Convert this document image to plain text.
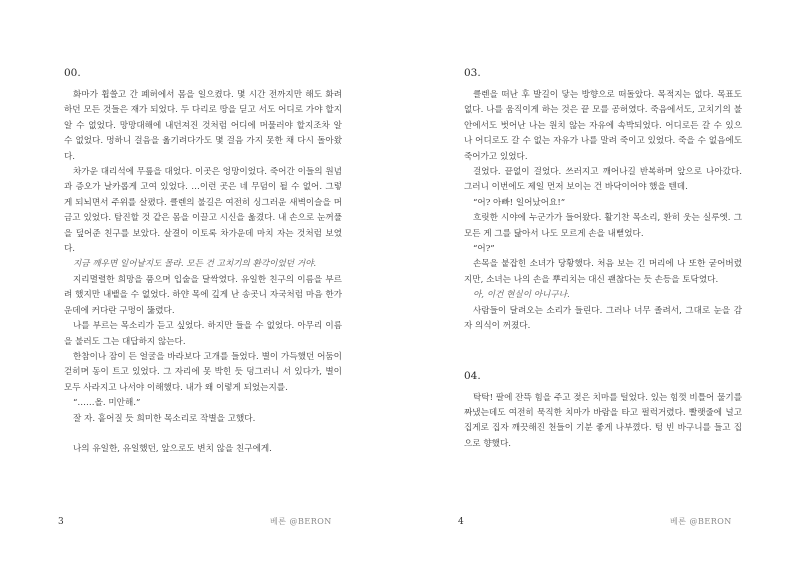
00.

화마가 휩쓸고 간 폐허에서 몸을 일으켰다. 몇 시간 전까지만 해도 화려하던 모든 것들은 재가 되었다. 두 다리로 땅을 딛고 서도 어디로 가야 할지 알 수 없었다. 망망대해에 내던져진 것처럼 어디에 머물러야 할지조차 알 수 없었다. 멍하니 걸음을 옮기려다가도 몇 걸음 가지 못한 채 다시 돌아왔다.

차가운 대리석에 무릎을 대었다. 이곳은 엉망이었다. 죽어간 이들의 원념과 증오가 날카롭게 고여 있었다. …이런 곳은 네 무덤이 될 수 없어. 그렇게 되뇌면서 주위를 살폈다. 클렌의 불길은 여전히 싱그러운 새벽이슬을 머금고 있었다. 탐진할 것 같은 몸을 이끌고 시신을 옮겼다. 내 손으로 눈꺼풀을 덮어준 친구를 보았다. 살결이 이토록 차가운데 마치 자는 것처럼 보였다.

지금 깨우면 일어날지도 몰라. 모든 건 고치기의 환각이었던 거야.

지리멸렬한 희망을 품으며 입술을 달싹였다. 유일한 친구의 이름을 부르려 했지만 내뱉을 수 없었다. 하얀 목에 깊게 난 송곳니 자국처럼 마음 한가운데에 커다란 구멍이 뚫렸다.

나를 부르는 목소리가 듣고 싶었다. 하지만 들을 수 없었다. 아무리 이름을 불러도 그는 대답하지 않는다.

한참이나 잠이 든 얼굴을 바라보다 고개를 들었다. 별이 가득했던 어둠이 걷히며 동이 트고 있었다. 그 자리에 못 박힌 듯 덩그러니 서 있다가, 별이 모두 사라지고 나서야 이해했다. 내가 왜 이렇게 되었는지를.

“……올. 미안해.”

잘 자. 흩어질 듯 희미한 목소리로 작별을 고했다.

나의 유일한, 유일했던, 앞으로도 변치 않을 친구에게.

3	베론 @BERON
03.

클렌을 떠난 후 발길이 닿는 방향으로 떠돌았다. 목적지는 없다. 목표도 없다. 나를 움직이게 하는 것은 끝 모를 공허였다. 죽음에서도, 고치기의 불안에서도 벗어난 나는 원치 않는 자유에 속박되었다. 어디로든 갈 수 있으나 어디로도 갈 수 없는 자유가 나를 말려 죽이고 있었다. 죽을 수 없음에도 죽어가고 있었다.

걸었다. 끝없이 걸었다. 쓰러지고 깨어나길 반복하며 앞으로 나아갔다. 그러니 이번에도 제일 먼저 보이는 건 바닥이어야 했을 텐데.

“어? 아빠! 일어났어요!”

흐릿한 시야에 누군가가 들어왔다. 활기찬 목소리, 환히 웃는 실루엣. 그 모든 게 그를 닮아서 나도 모르게 손을 내뻗었다.

“어?”

손목을 붙잡힌 소녀가 당황했다. 처음 보는 긴 머리에 나 또한 굳어버렸지만, 소녀는 나의 손을 뿌리치는 대신 괜찮다는 듯 손등을 토닥였다.

아, 이건 현실이 아니구나.

사람들이 달려오는 소리가 들린다. 그러나 너무 졸려서, 그대로 눈을 감자 의식이 꺼졌다.

04.

탁탁! 팔에 잔뜩 힘을 주고 젖은 치마를 털었다. 있는 힘껏 비틀어 물기를 짜냈는데도 여전히 묵직한 치마가 바람을 타고 펄럭거렸다. 빨랫줄에 널고 집게로 집자 깨끗해진 천들이 기분 좋게 나부꼈다. 텅 빈 바구니를 들고 집으로 향했다.

4	베론 @BERON
